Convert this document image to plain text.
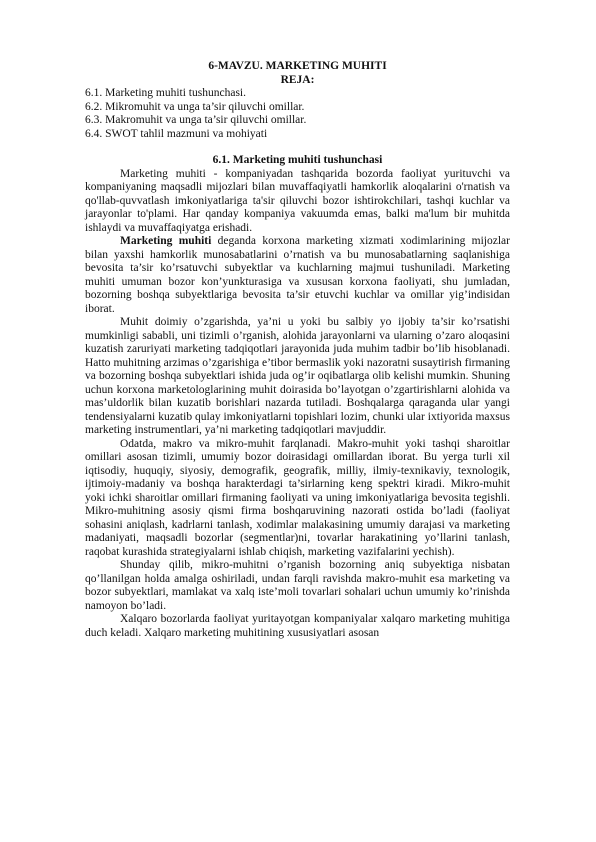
6-MAVZU. MARKETING MUHITI
REJA:

6.1. Marketing muhiti tushunchasi.

6.2. Mikromuhit va unga ta’sir qiluvchi omillar.

6.3. Makromuhit va unga ta’sir qiluvchi omillar.

6.4. SWOT tahlil mazmuni va mohiyati

6.1. Marketing muhiti tushunchasi

Marketing muhiti - kompaniyadan tashqarida bozorda faoliyat yurituvchi va kompaniyaning maqsadli mijozlari bilan muvaffaqiyatli hamkorlik aloqalarini o'rnatish va qo'llab-quvvatlash imkoniyatlariga ta'sir qiluvchi bozor ishtirokchilari, tashqi kuchlar va jarayonlar to'plami. Har qanday kompaniya vakuumda emas, balki ma'lum bir muhitda ishlaydi va muvaffaqiyatga erishadi.

Marketing muhiti deganda korxona marketing xizmati xodimlarining mijozlar bilan yaxshi hamkorlik munosabatlarini o’rnatish va bu munosabatlarning saqlanishiga bevosita ta’sir ko’rsatuvchi subyektlar va kuchlarning majmui tushuniladi. Marketing muhiti umuman bozor kon’yunkturasiga va xususan korxona faoliyati, shu jumladan, bozorning boshqa subyektlariga bevosita ta’sir etuvchi kuchlar va omillar yig’indisidan iborat.

Muhit doimiy o’zgarishda, ya’ni u yoki bu salbiy yo ijobiy ta’sir ko’rsatishi mumkinligi sababli, uni tizimli o’rganish, alohida jarayonlarni va ularning o’zaro aloqasini kuzatish zaruriyati marketing tadqiqotlari jarayonida juda muhim tadbir bo’lib hisoblanadi. Hatto muhitning arzimas o’zgarishiga e’tibor bermaslik yoki nazoratni susaytirish firmaning va bozorning boshqa subyektlari ishida juda og’ir oqibatlarga olib kelishi mumkin. Shuning uchun korxona marketologlarining muhit doirasida bo’layotgan o’zgartirishlarni alohida va mas’uldorlik bilan kuzatib borishlari nazarda tutiladi. Boshqalarga qaraganda ular yangi tendensiyalarni kuzatib qulay imkoniyatlarni topishlari lozim, chunki ular ixtiyorida maxsus marketing instrumentlari, ya’ni marketing tadqiqotlari mavjuddir.

Odatda, makro va mikro-muhit farqlanadi. Makro-muhit yoki tashqi sharoitlar omillari asosan tizimli, umumiy bozor doirasidagi omillardan iborat. Bu yerga turli xil iqtisodiy, huquqiy, siyosiy, demografik, geografik, milliy, ilmiy-texnikaviy, texnologik, ijtimoiy-madaniy va boshqa harakterdagi ta’sirlarning keng spektri kiradi. Mikro-muhit yoki ichki sharoitlar omillari firmaning faoliyati va uning imkoniyatlariga bevosita tegishli. Mikro-muhitning asosiy qismi firma boshqaruvining nazorati ostida bo’ladi (faoliyat sohasini aniqlash, kadrlarni tanlash, xodimlar malakasining umumiy darajasi va marketing madaniyati, maqsadli bozorlar (segmentlar)ni, tovarlar harakatining yo’llarini tanlash, raqobat kurashida strategiyalarni ishlab chiqish, marketing vazifalarini yechish).

Shunday qilib, mikro-muhitni o’rganish bozorning aniq subyektiga nisbatan qo’llanilgan holda amalga oshiriladi, undan farqli ravishda makro-muhit esa marketing va bozor subyektlari, mamlakat va xalq iste’moli tovarlari sohalari uchun umumiy ko’rinishda namoyon bo’ladi.

Xalqaro bozorlarda faoliyat yuritayotgan kompaniyalar xalqaro marketing muhitiga duch keladi. Xalqaro marketing muhitining xususiyatlari asosan
